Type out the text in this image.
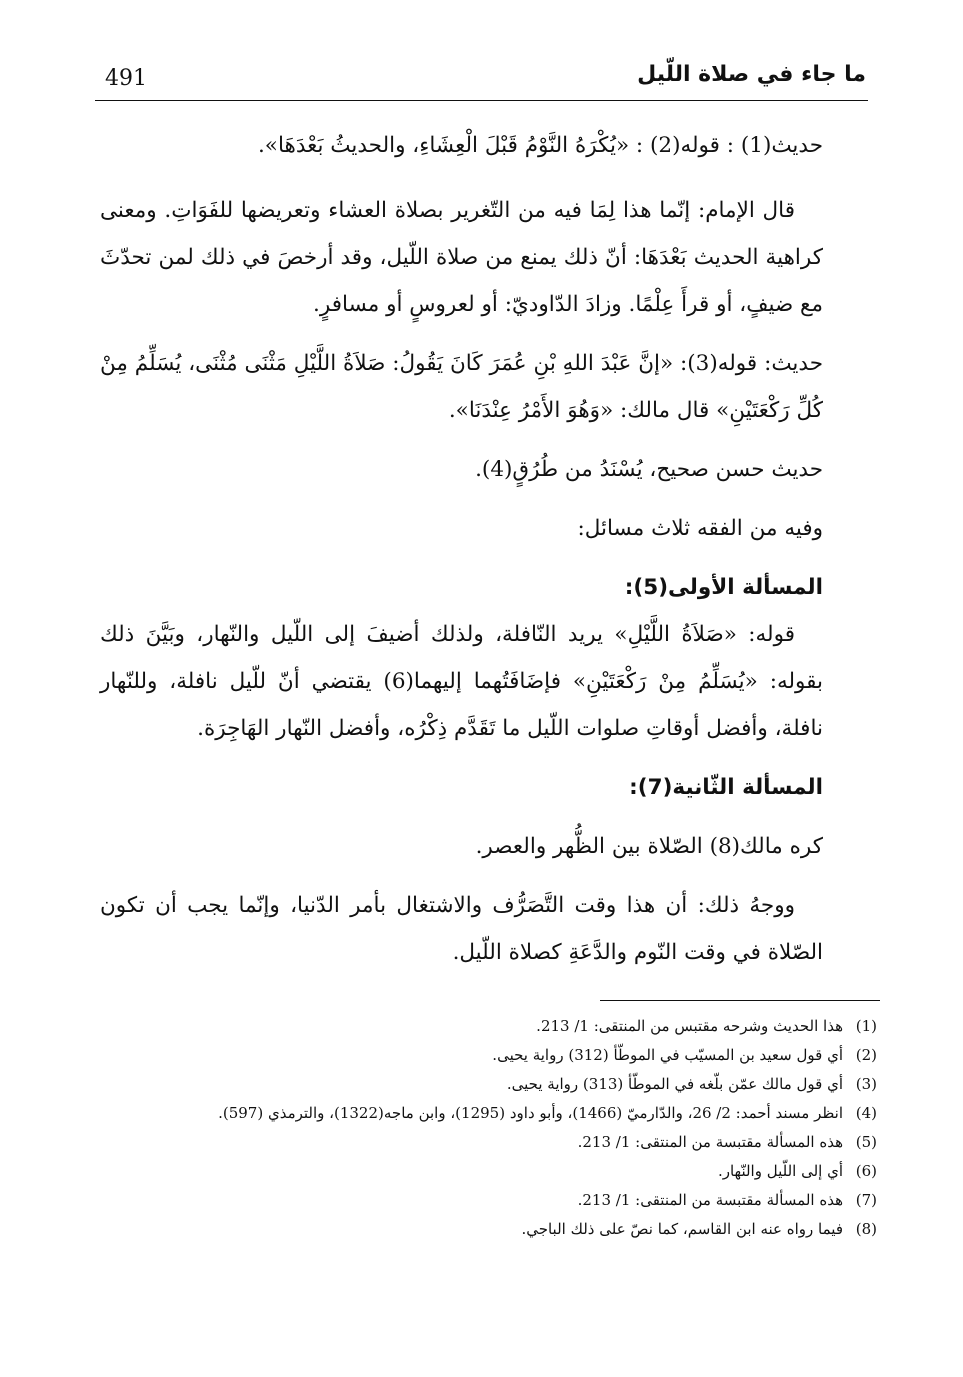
491	ما جاء في صلاة اللّيل

حديث(1) : قوله(2) : «يُكْرَهُ النَّوْمُ قَبْلَ الْعِشَاءِ، والحديثُ بَعْدَهَا».

قال الإمام: إنّما هذا لِمَا فيه من التّغرير بصلاة العشاء وتعريضها للفَوَاتِ. ومعنى كراهية الحديث بَعْدَهَا: أنّ ذلك يمنع من صلاة اللّيل، وقد أرخصَ في ذلك لمن تحدّثَ مع ضيفٍ، أو قرأَ عِلْمًا. وزادَ الدّاوديّ: أو لعروسٍ أو مسافرٍ.

حديث: قوله(3): «إنَّ عَبْدَ اللهِ بْنِ عُمَرَ كَانَ يَقُولُ: صَلاَةُ اللَّيْلِ مَثْنَى مُثْنَى، يُسَلِّمُ مِنْ كُلِّ رَكْعَتَيْنِ» قال مالك: «وَهُوَ الأَمْرُ عِنْدَنَا».

حديث حسن صحيح، يُسْنَدُ من طُرُقٍ(4).

وفيه من الفقه ثلاث مسائل:

المسألة الأولى(5):

قوله: «صَلاَةُ اللَّيْلِ» يريد النّافلة، ولذلك أضيفَ إلى اللّيل والنّهار، وبَيَّنَ ذلك بقوله: «يُسَلِّمُ مِنْ رَكْعَتَيْنِ» فإضَافَتُهما إليهما(6) يقتضي أنّ للّيل نافلة، وللنّهار نافلة، وأفضل أوقاتِ صلوات اللّيل ما تَقَدَّم ذِكْرُه، وأفضل النّهار الهَاجِرَة.

المسألة الثّانية(7):

كره مالك(8) الصّلاة بين الظُّهر والعصر.

ووجهُ ذلك: أن هذا وقت التَّصَرُّف والاشتغال بأمر الدّنيا، وإنّما يجب أن تكون الصّلاة في وقت النّوم والدَّعَةِ كصلاة اللّيل.

(1)
هذا الحديث وشرحه مقتبس من المنتقى: 1/ 213.
(2)
أي قول سعيد بن المسيّب في الموطّأ (312) رواية يحيى.
(3)
أي قول مالك عمّن بلّغه في الموطّأ (313) رواية يحيى.
(4)
انظر مسند أحمد: 2/ 26، والدّارميّ (1466)، وأبو داود (1295)، وابن ماجه(1322)، والترمذي (597).
(5)
هذه المسألة مقتبسة من المنتقى: 1/ 213.
(6)
أي إلى اللّيل والنّهار.
(7)
هذه المسألة مقتبسة من المنتقى: 1/ 213.
(8)
فيما رواه عنه ابن القاسم، كما نصّ على ذلك الباجي.
